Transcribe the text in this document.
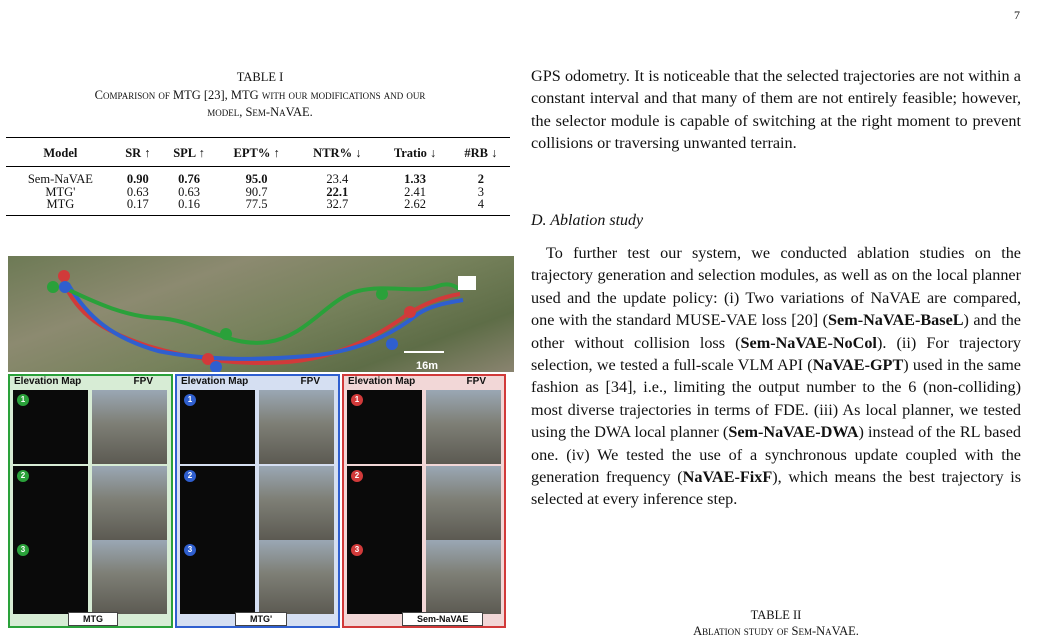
7
TABLE I
Comparison of MTG [23], MTG with our modifications and our
model, Sem-NaVAE.
Model	SR ↑	SPL ↑	EPT% ↑	NTR% ↓	Tratio ↓	#RB ↓
Sem-NaVAE	0.90	0.76	95.0	23.4	1.33	2
MTG'	0.63	0.63	90.7	22.1	2.41	3
MTG	0.17	0.16	77.5	32.7	2.62	4
16m
Elevation Map	FPV
1
2
3
MTG
Elevation Map	FPV
1
2
3
MTG'
Elevation Map	FPV
1
2
3
Sem-NaVAE
GPS odometry. It is noticeable that the selected trajectories are not within a constant interval and that many of them are not entirely feasible; however, the selector module is capable of switching at the right moment to prevent collisions or traversing unwanted terrain.
D. Ablation study
To further test our system, we conducted ablation studies on the trajectory generation and selection modules, as well as on the local planner used and the update policy: (i) Two variations of NaVAE are compared, one with the standard MUSE-VAE loss [20] (Sem-NaVAE-BaseL) and the other without collision loss (Sem-NaVAE-NoCol). (ii) For trajectory selection, we tested a full-scale VLM API (NaVAE-GPT) used in the same fashion as [34], i.e., limiting the output number to the 6 (non-colliding) most diverse trajectories in terms of FDE. (iii) As local planner, we tested using the DWA local planner (Sem-NaVAE-DWA) instead of the RL based one. (iv) We tested the use of a synchronous update coupled with the generation frequency (NaVAE-FixF), which means the best trajectory is selected at every inference step.
TABLE II
Ablation study of Sem-NaVAE.
